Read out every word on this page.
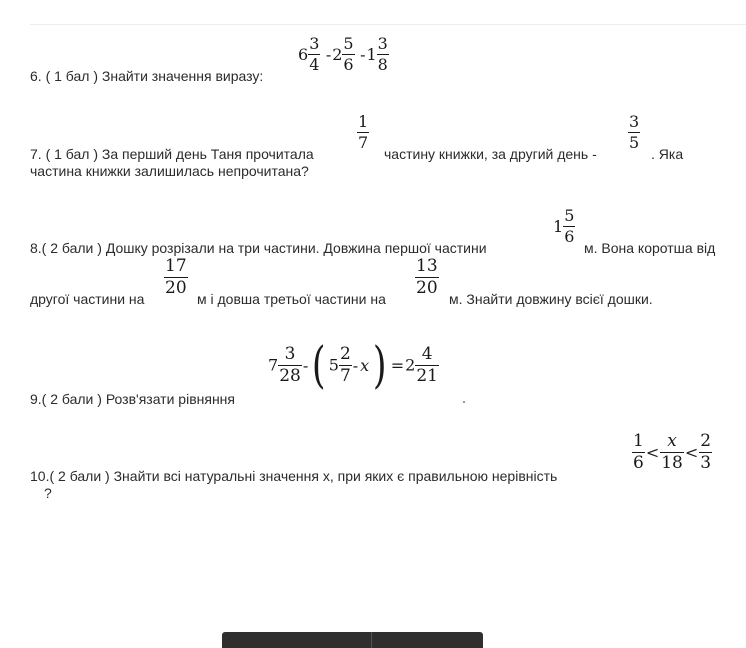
6. ( 1 бал ) Знайти значення виразу:
$6 \frac{3}{4} -2 \frac{5}{6} -1 \frac{3}{8}$
7. ( 1 бал ) За перший день Таня прочитала
$\frac{1}{7}$
частину книжки, за другий день -
$\frac{3}{5}$
. Яка
частина книжки залишилась непрочитана?
8.( 2 бали ) Дошку розрізали на три частини. Довжина першої частини
$1 \frac{5}{6}$
м. Вона коротша від
другої частини на
$\frac{17}{20}$
м і довша третьої частини на
$\frac{13}{20}$
м. Знайти довжину всієї дошки.
9.( 2 бали ) Розв'язати рівняння
$7 \frac{3}{28}$ -( $5 \frac{2}{7} - x) =2 \frac{4}{21}$
10.( 2 бали ) Знайти всі натуральні значення х, при яких є правильною нерівність
?
$\frac{1}{6} < \frac{x}{18} < \frac{2}{3}$
